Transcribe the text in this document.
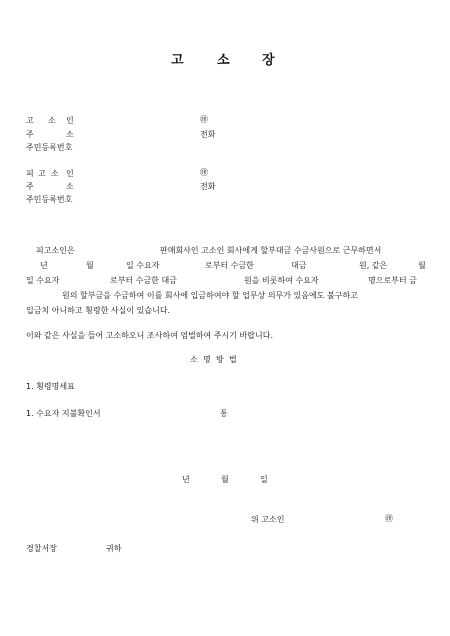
고	소 장
고 소 인	㊞
주	소	전화
주민등록번호
피 고 소 인	㊞
주	소	전화
주민등록번호
피고소인은	판매회사인 고소인 회사에게 할부대금 수금사원으로 근무하면서
년	월	일 수요자	로부터 수금한	대금	원, 같은	월
일 수요자	로부터 수금한 대금	원을 비롯하여 수요자	명으로부터 금
원의 할부금을 수금하여 이를 회사에 입금하여야 할 업무상 의무가 있음에도 불구하고
입금치 아니하고 횡령한 사실이 있습니다.
이와 같은 사실을 들어 고소하오니 조사하여 엄벌하여 주시기 바랍니다.
소 명 방 법
1. 횡령명세표
1. 수요자 지불확인서	통
년	월	일
위 고소인	㊞
경찰서장	귀하
